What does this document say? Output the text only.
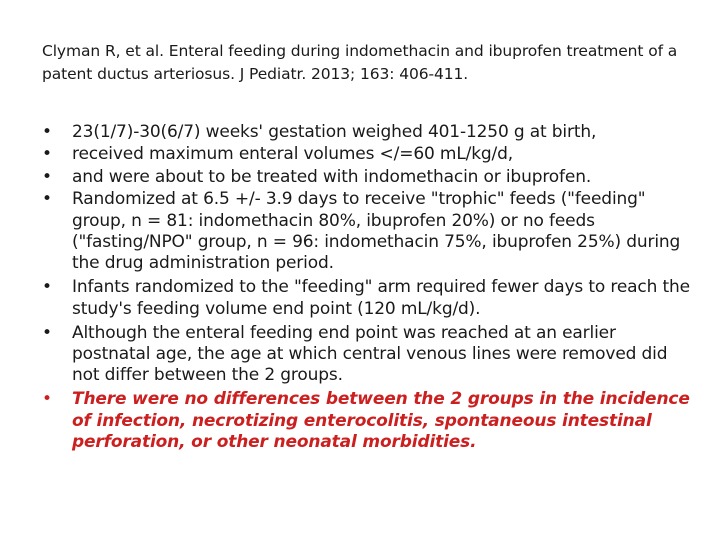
Clyman R, et al. Enteral feeding during indomethacin and ibuprofen treatment of a patent ductus arteriosus. J Pediatr. 2013; 163: 406-411.
• 23(1/7)-30(6/7) weeks' gestation weighed 401-1250 g at birth,
• received maximum enteral volumes </=60 mL/kg/d,
• and were about to be treated with indomethacin or ibuprofen.
• Randomized at 6.5 +/- 3.9 days to receive "trophic" feeds ("feeding" group, n = 81: indomethacin 80%, ibuprofen 20%) or no feeds ("fasting/NPO" group, n = 96: indomethacin 75%, ibuprofen 25%) during the drug administration period.
• Infants randomized to the "feeding" arm required fewer days to reach the study's feeding volume end point (120 mL/kg/d).
• Although the enteral feeding end point was reached at an earlier postnatal age, the age at which central venous lines were removed did not differ between the 2 groups.
• There were no differences between the 2 groups in the incidence of infection, necrotizing enterocolitis, spontaneous intestinal perforation, or other neonatal morbidities.
